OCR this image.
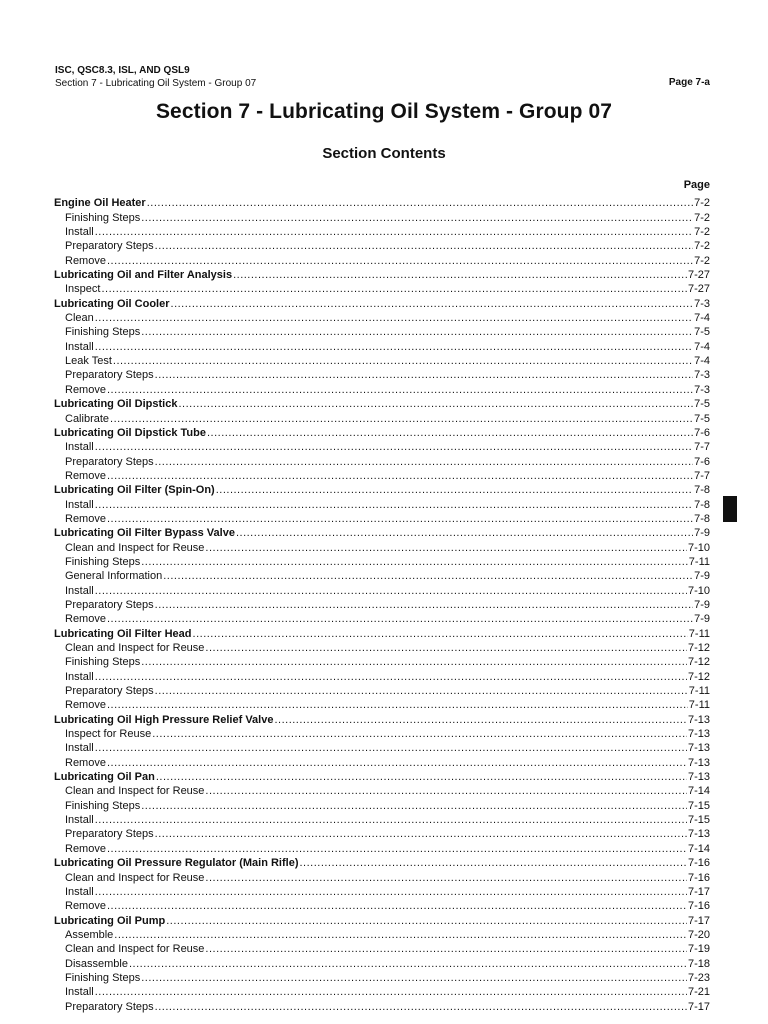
ISC, QSC8.3, ISL, AND QSL9
Section 7 - Lubricating Oil System - Group 07	Page 7-a
Section 7 - Lubricating Oil System - Group 07
Section Contents
Page
Engine Oil Heater .....	7-2
Finishing Steps .....	7-2
Install .....	7-2
Preparatory Steps .....	7-2
Remove .....	7-2
Lubricating Oil and Filter Analysis .....	7-27
Inspect .....	7-27
Lubricating Oil Cooler .....	7-3
Clean .....	7-4
Finishing Steps .....	7-5
Install .....	7-4
Leak Test .....	7-4
Preparatory Steps .....	7-3
Remove .....	7-3
Lubricating Oil Dipstick .....	7-5
Calibrate .....	7-5
Lubricating Oil Dipstick Tube .....	7-6
Install .....	7-7
Preparatory Steps .....	7-6
Remove .....	7-7
Lubricating Oil Filter (Spin-On) .....	7-8
Install .....	7-8
Remove .....	7-8
Lubricating Oil Filter Bypass Valve .....	7-9
Clean and Inspect for Reuse .....	7-10
Finishing Steps .....	7-11
General Information .....	7-9
Install .....	7-10
Preparatory Steps .....	7-9
Remove .....	7-9
Lubricating Oil Filter Head .....	7-11
Clean and Inspect for Reuse .....	7-12
Finishing Steps .....	7-12
Install .....	7-12
Preparatory Steps .....	7-11
Remove .....	7-11
Lubricating Oil High Pressure Relief Valve .....	7-13
Inspect for Reuse .....	7-13
Install .....	7-13
Remove .....	7-13
Lubricating Oil Pan .....	7-13
Clean and Inspect for Reuse .....	7-14
Finishing Steps .....	7-15
Install .....	7-15
Preparatory Steps .....	7-13
Remove .....	7-14
Lubricating Oil Pressure Regulator (Main Rifle) .....	7-16
Clean and Inspect for Reuse .....	7-16
Install .....	7-17
Remove .....	7-16
Lubricating Oil Pump .....	7-17
Assemble .....	7-20
Clean and Inspect for Reuse .....	7-19
Disassemble .....	7-18
Finishing Steps .....	7-23
Install .....	7-21
Preparatory Steps .....	7-17
